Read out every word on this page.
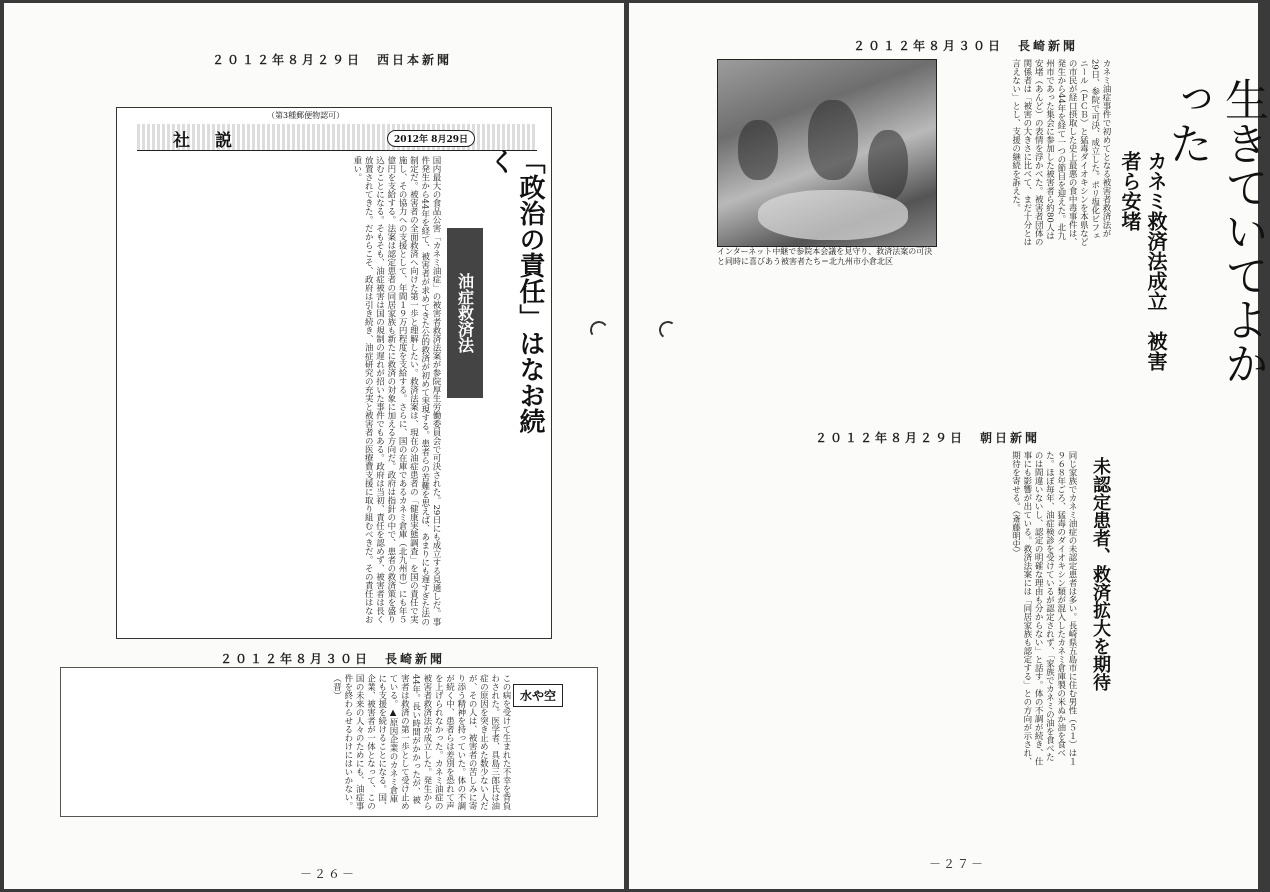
２０１２年８月２９日　西日本新聞
（第3種郵便物認可）
社　説	2012年 8月29日
「政治の責任」はなお続く
油症救済法
国内最大の食品公害「カネミ油症」の被害者救済法案が参院厚生労働委員会で可決された。29日にも成立する見通しだ。事件発生から44年を経て、被害者が求めてきた公的救済が初めて実現する。患者らの苦難を思えば、あまりにも遅すぎた法の制定だ。被害者の全面救済へ向けた第一歩と理解したい。救済法案は、現在の油症患者の「健康実態調査」を国の責任で実施し、その協力への支援として、年間１９万円程度を支給する。さらに、国の在庫であるカネミ倉庫（北九州市）にも年５億円を支給する。法案は認定患者の同居家族も新たに救済の対象に加える方向だ。政府は指針の中で、患者の救済策を盛り込むことになる。そもそも、油症被害は国の規制の遅れが招いた事件でもある。政府は当初、責任を認めず、被害者は長く放置されてきた。だからこそ、政府は引き続き、油症研究の充実と被害者の医療費支援に取り組むべきだ。その責任はなお重い。
２０１２年８月３０日　長崎新聞
水や空
この病を受けて生まれた不幸を背負わされた。医学者、具島三郎氏は油症の原因を突き止めた数少ない人だが、その人は、被害者の苦しみに寄り添う精神を持っていた。体の不調が続く中、患者らは差別を恐れて声を上げられなかった。カネミ油症の被害者救済法が成立した。発生から44年。長い時間がかかったが、被害者は救済の第一歩として受け止めている。▲原因企業のカネミ倉庫にも支援を続けることになる。国、企業、被害者が一体となって、この国の未来の人々のためにも、油症事件を終わらせるわけにはいかない。（晋）
－２６－
２０１２年８月３０日　長崎新聞
インターネット中継で参院本会議を見守り、救済法案の可決と同時に喜びあう被害者たち＝北九州市小倉北区	生きていてよかった
カネミ救済法成立　被害者ら安堵
カネミ油症事件で初めてとなる被害者救済法が29日、参院で可決、成立した。ポリ塩化ビフェニール（ＰＣＢ）と猛毒ダイオキシンを本県などの市民が経口摂取した史上最悪の食中毒事件は、発生から44年を経て一つの節目を迎えた。北九州市であった集会に参加した被害者ら約80人は安堵（あんど）の表情を浮かべた。被害者団体の関係者は「被害の大きさに比べて、まだ十分とは言えない」とし、支援の継続を訴えた。
２０１２年８月２９日　朝日新聞
未認定患者、救済拡大を期待
同じ家族でカネミ油症の未認定患者は多い。長崎県五島市に住む男性（５１）は１９６８年ごろ、猛毒のダイオキシン類が混入したカネミ倉庫製の米ぬか油を食べた。ほぼ毎年、油症検診を受けているが認定されず、「家族でカネミの油を食べたのは間違いないし、認定の明確な理由も分からない」と話す。体の不調が続き、仕事にも影響が出ている。救済法案には「同居家族も認定する」との方向が示され、期待を寄せる。（斎藤明史）
－２７－
